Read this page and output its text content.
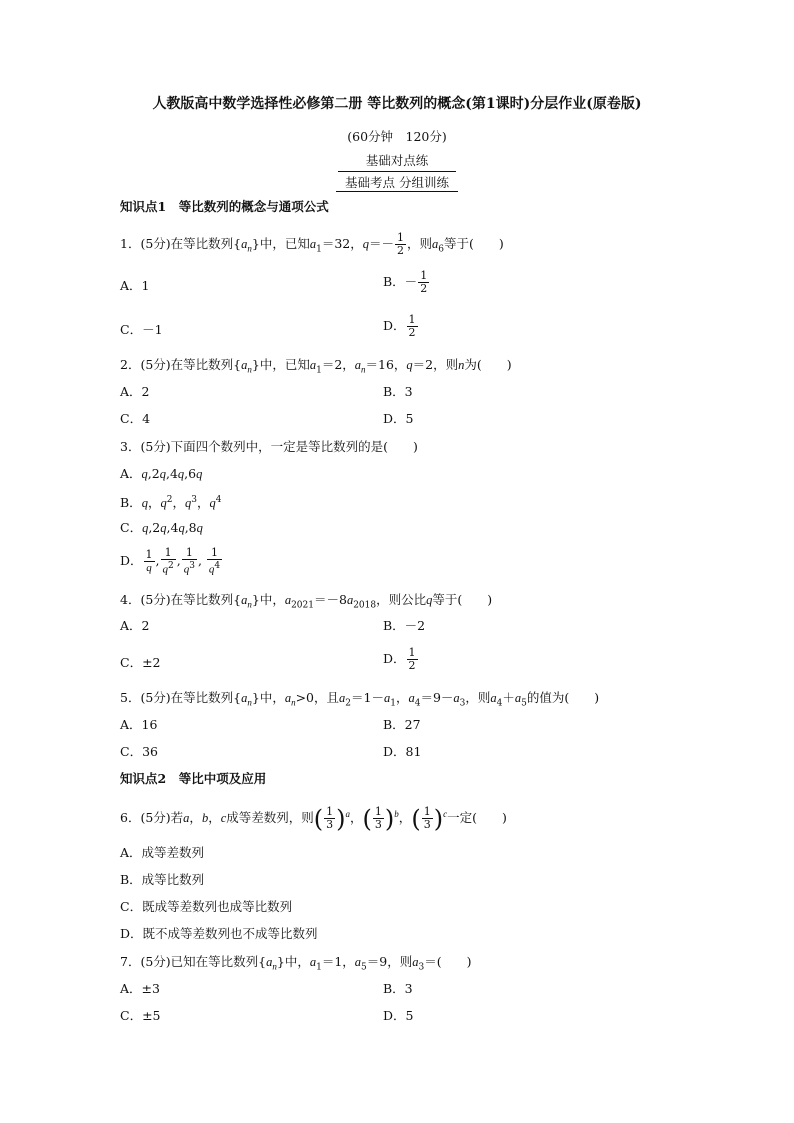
人教版高中数学选择性必修第二册 等比数列的概念(第1课时)分层作业(原卷版)
(60分钟　120分)
基础对点练
基础考点 分组训练
知识点1　等比数列的概念与通项公式
1．(5分)在等比数列$\{a_n\}$中，已知$a_1=32$，$q=- \frac{1}{2}$ ，则$a_6$等于(　　)
A．1	B．－ $\frac{1}{2}$
C．－1	D． $\frac{1}{2}$
2．(5分)在等比数列$\{a_n\}$中，已知$a_1=2$，$a_n=16$，q＝2，则n为(　　)
A．2	B．3
C．4	D．5
3．(5分)下面四个数列中，一定是等比数列的是(　　)
A．q,2q,4q,6q
B．q，$q^2$，$q^3$，$q^4$
C．q,2q,4q,8q
D． $\frac{1}{q}$ , $\frac{1}{q^2}$ , $\frac{1}{q^3}$ , $\frac{1}{q^4}$
4．(5分)在等比数列$\{a_n\}$中，$a_{2021}=-8a_{2018}$，则公比q等于(　　)
A．2	B．－2
C．±2	D． $\frac{1}{2}$
5．(5分)在等比数列$\{a_n\}$中，$a_n>0$，且$a_2=1-a_1$，$a_4=9-a_3$，则$a_4+a_5$的值为(　　)
A．16	B．27
C．36	D．81
知识点2　等比中项及应用
6．(5分)若a，b，c成等差数列，则( $\frac{1}{3} )^a$，( $\frac{1}{3} )^b$，( $\frac{1}{3} )^c$一定(　　)
A．成等差数列
B．成等比数列
C．既成等差数列也成等比数列
D．既不成等差数列也不成等比数列
7．(5分)已知在等比数列$\{a_n\}$中，$a_1=1$，$a_5=9$，则$a_3=$(　　)
A．±3	B．3
C．±5	D．5
